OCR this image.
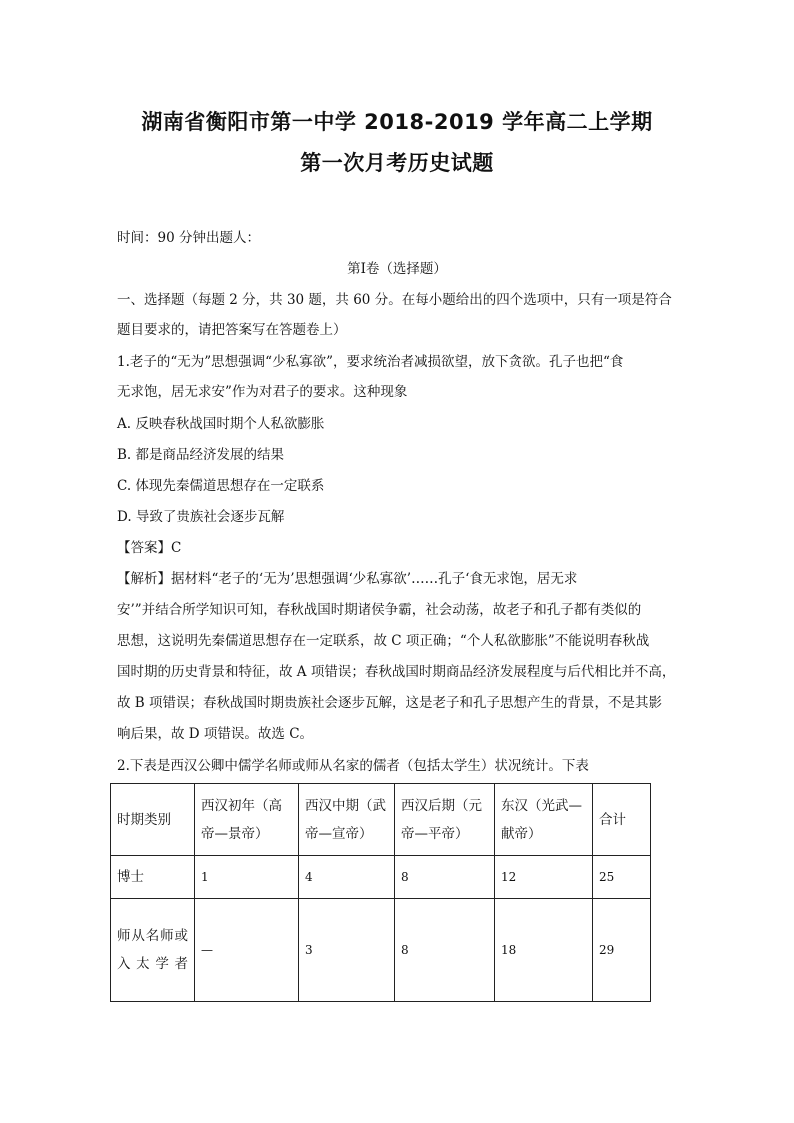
湖南省衡阳市第一中学 2018-2019 学年高二上学期
第一次月考历史试题
时间：90 分钟出题人：
第Ⅰ卷（选择题）
一、选择题（每题 2 分，共 30 题，共 60 分。在每小题给出的四个选项中，只有一项是符合
题目要求的，请把答案写在答题卷上）
1.老子的“无为”思想强调“少私寡欲”，要求统治者减损欲望，放下贪欲。孔子也把“食
无求饱，居无求安”作为对君子的要求。这种现象
A. 反映春秋战国时期个人私欲膨胀
B. 都是商品经济发展的结果
C. 体现先秦儒道思想存在一定联系
D. 导致了贵族社会逐步瓦解
【答案】C
【解析】据材料“老子的‘无为’思想强调‘少私寡欲’……孔子‘食无求饱，居无求
安’”并结合所学知识可知，春秋战国时期诸侯争霸，社会动荡，故老子和孔子都有类似的
思想，这说明先秦儒道思想存在一定联系，故 C 项正确；“个人私欲膨胀”不能说明春秋战
国时期的历史背景和特征，故 A 项错误；春秋战国时期商品经济发展程度与后代相比并不高，
故 B 项错误；春秋战国时期贵族社会逐步瓦解，这是老子和孔子思想产生的背景，不是其影
响后果，故 D 项错误。故选 C。
2.下表是西汉公卿中儒学名师或师从名家的儒者（包括太学生）状况统计。下表
时期类别	西汉初年（高帝—景帝）	西汉中期（武帝—宣帝）	西汉后期（元帝—平帝）	东汉（光武—献帝）	合计
博士	1	4	8	12	25
师从名师或入太学者	—	3	8	18	29
